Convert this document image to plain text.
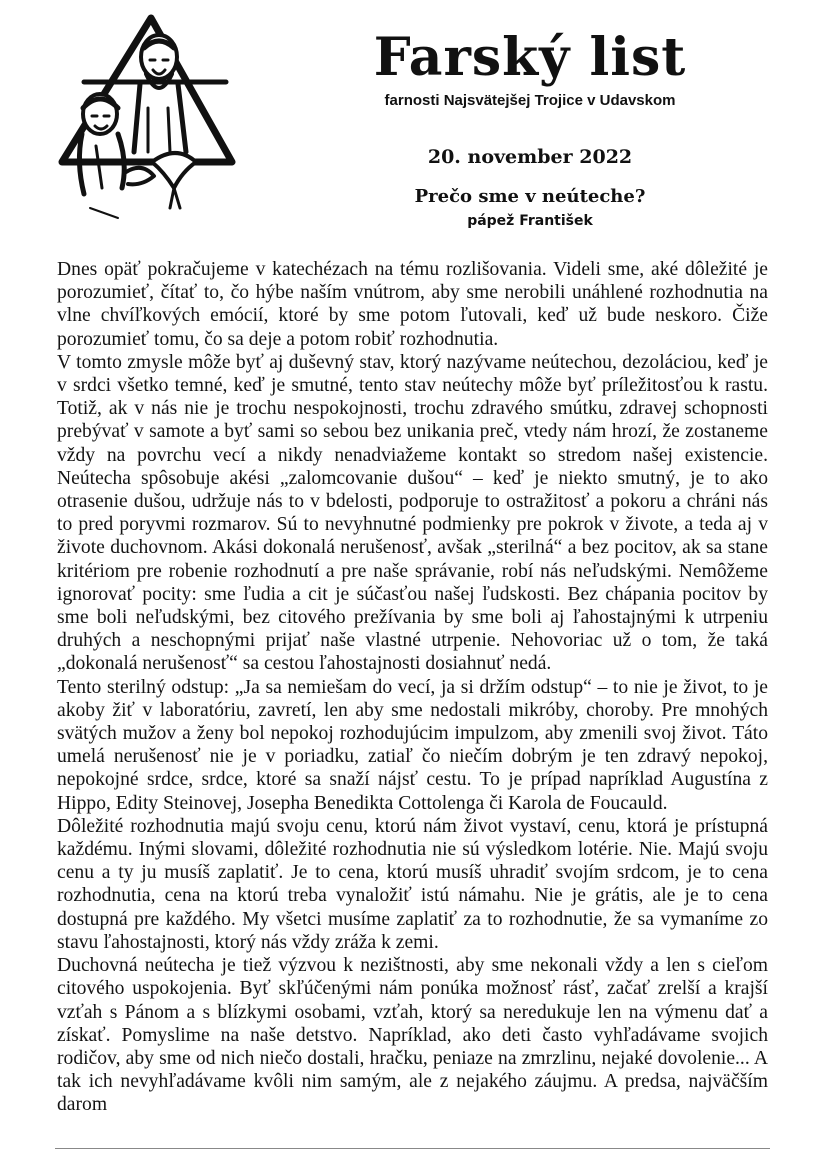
Farský list
farnosti Najsvätejšej Trojice v Udavskom
20. november 2022
Prečo sme v neúteche?
pápež František

Dnes opäť pokračujeme v katechézach na tému rozlišovania. Videli sme, aké dôležité je porozumieť, čítať to, čo hýbe naším vnútrom, aby sme nerobili unáhlené rozhodnutia na vlne chvíľkových emócií, ktoré by sme potom ľutovali, keď už bude neskoro. Čiže porozumieť tomu, čo sa deje a potom robiť rozhodnutia.

V tomto zmysle môže byť aj duševný stav, ktorý nazývame neútechou, dezoláciou, keď je v srdci všetko temné, keď je smutné, tento stav neútechy môže byť príležitosťou k rastu. Totiž, ak v nás nie je trochu nespokojnosti, trochu zdravého smútku, zdravej schopnosti prebývať v samote a byť sami so sebou bez unikania preč, vtedy nám hrozí, že zostaneme vždy na povrchu vecí a nikdy nenadviažeme kontakt so stredom našej existencie. Neútecha spôsobuje akési „zalomcovanie dušou“ – keď je niekto smutný, je to ako otrasenie dušou, udržuje nás to v bdelosti, podporuje to ostražitosť a pokoru a chráni nás to pred poryvmi rozmarov. Sú to nevyhnutné podmienky pre pokrok v živote, a teda aj v živote duchovnom. Akási dokonalá nerušenosť, avšak „sterilná“ a bez pocitov, ak sa stane kritériom pre robenie rozhodnutí a pre naše správanie, robí nás neľudskými. Nemôžeme ignorovať pocity: sme ľudia a cit je súčasťou našej ľudskosti. Bez chápania pocitov by sme boli neľudskými, bez citového prežívania by sme boli aj ľahostajnými k utrpeniu druhých a neschopnými prijať naše vlastné utrpenie. Nehovoriac už o tom, že taká „dokonalá nerušenosť“ sa cestou ľahostajnosti dosiahnuť nedá.

Tento sterilný odstup: „Ja sa nemiešam do vecí, ja si držím odstup“ – to nie je život, to je akoby žiť v laboratóriu, zavretí, len aby sme nedostali mikróby, choroby. Pre mnohých svätých mužov a ženy bol nepokoj rozhodujúcim impulzom, aby zmenili svoj život. Táto umelá nerušenosť nie je v poriadku, zatiaľ čo niečím dobrým je ten zdravý nepokoj, nepokojné srdce, srdce, ktoré sa snaží nájsť cestu. To je prípad napríklad Augustína z Hippo, Edity Steinovej, Josepha Benedikta Cottolenga či Karola de Foucauld.

Dôležité rozhodnutia majú svoju cenu, ktorú nám život vystaví, cenu, ktorá je prístupná každému. Inými slovami, dôležité rozhodnutia nie sú výsledkom lotérie. Nie. Majú svoju cenu a ty ju musíš zaplatiť. Je to cena, ktorú musíš uhradiť svojím srdcom, je to cena rozhodnutia, cena na ktorú treba vynaložiť istú námahu. Nie je grátis, ale je to cena dostupná pre každého. My všetci musíme zaplatiť za to rozhodnutie, že sa vymaníme zo stavu ľahostajnosti, ktorý nás vždy zráža k zemi.

Duchovná neútecha je tiež výzvou k nezištnosti, aby sme nekonali vždy a len s cieľom citového uspokojenia. Byť skľúčenými nám ponúka možnosť rásť, začať zrelší a krajší vzťah s Pánom a s blízkymi osobami, vzťah, ktorý sa neredukuje len na výmenu dať a získať. Pomyslime na naše detstvo. Napríklad, ako deti často vyhľadávame svojich rodičov, aby sme od nich niečo dostali, hračku, peniaze na zmrzlinu, nejaké dovolenie... A tak ich nevyhľadávame kvôli nim samým, ale z nejakého záujmu. A predsa, najväčším darom
